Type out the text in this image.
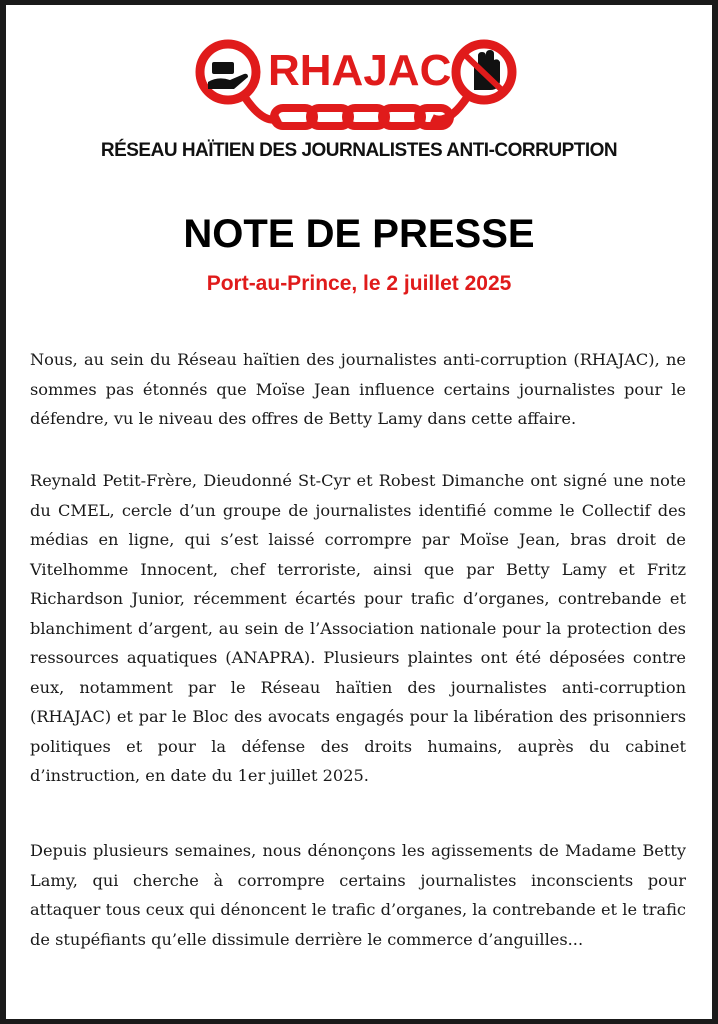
RHAJAC
RÉSEAU HAÏTIEN DES JOURNALISTES ANTI-CORRUPTION
NOTE DE PRESSE
Port-au-Prince, le 2 juillet 2025

Nous, au sein du Réseau haïtien des journalistes anti-corruption (RHAJAC), ne sommes pas étonnés que Moïse Jean influence certains journalistes pour le défendre, vu le niveau des offres de Betty Lamy dans cette affaire.

Reynald Petit-Frère, Dieudonné St-Cyr et Robest Dimanche ont signé une note du CMEL, cercle d’un groupe de journalistes identifié comme le Collectif des médias en ligne, qui s’est laissé corrompre par Moïse Jean, bras droit de Vitelhomme Innocent, chef terroriste, ainsi que par Betty Lamy et Fritz Richardson Junior, récemment écartés pour trafic d’organes, contrebande et blanchiment d’argent, au sein de l’Association nationale pour la protection des ressources aquatiques (ANAPRA). Plusieurs plaintes ont été déposées contre eux, notamment par le Réseau haïtien des journalistes anti-corruption (RHAJAC) et par le Bloc des avocats engagés pour la libération des prisonniers politiques et pour la défense des droits humains, auprès du cabinet d’instruction, en date du 1er juillet 2025.

Depuis plusieurs semaines, nous dénonçons les agissements de Madame Betty Lamy, qui cherche à corrompre certains journalistes inconscients pour attaquer tous ceux qui dénoncent le trafic d’organes, la contrebande et le trafic de stupéfiants qu’elle dissimule derrière le commerce d’anguilles...
